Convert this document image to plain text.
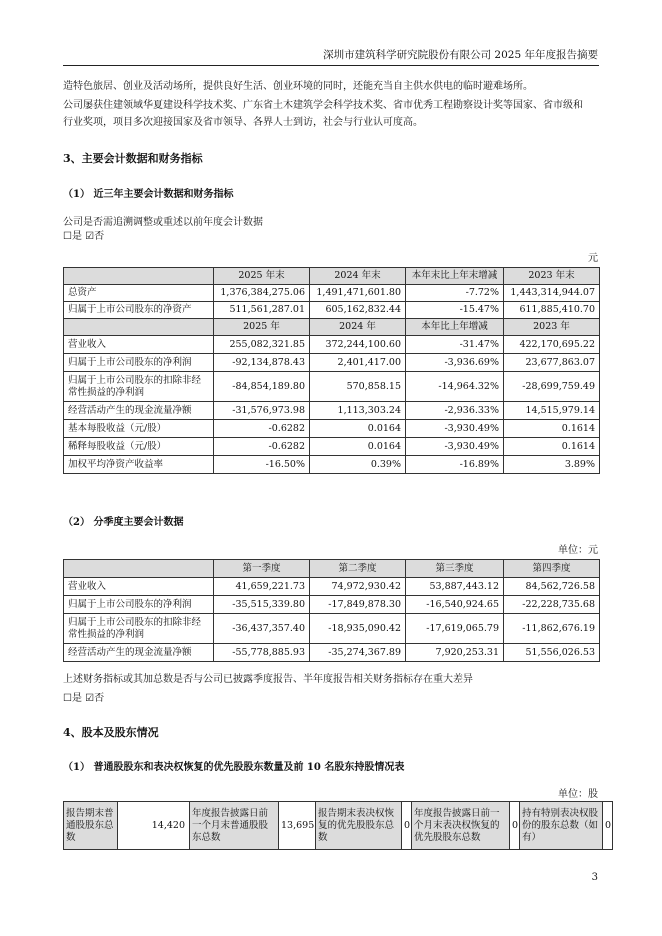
深圳市建筑科学研究院股份有限公司 2025 年年度报告摘要
造特色旅居、创业及活动场所，提供良好生活、创业环境的同时，还能充当自主供水供电的临时避难场所。
公司屡获住建领域华夏建设科学技术奖、广东省土木建筑学会科学技术奖、省市优秀工程勘察设计奖等国家、省市级和
行业奖项，项目多次迎接国家及省市领导、各界人士到访，社会与行业认可度高。
3、主要会计数据和财务指标
（1） 近三年主要会计数据和财务指标
公司是否需追溯调整或重述以前年度会计数据
☐是 ☑否
元
	2025 年末	2024 年末	本年末比上年末增减	2023 年末
总资产	1,376,384,275.06	1,491,471,601.80	-7.72%	1,443,314,944.07
归属于上市公司股东的净资产	511,561,287.01	605,162,832.44	-15.47%	611,885,410.70
	2025 年	2024 年	本年比上年增减	2023 年
营业收入	255,082,321.85	372,244,100.60	-31.47%	422,170,695.22
归属于上市公司股东的净利润	-92,134,878.43	2,401,417.00	-3,936.69%	23,677,863.07
归属于上市公司股东的扣除非经常性损益的净利润	-84,854,189.80	570,858.15	-14,964.32%	-28,699,759.49
经营活动产生的现金流量净额	-31,576,973.98	1,113,303.24	-2,936.33%	14,515,979.14
基本每股收益（元/股）	-0.6282	0.0164	-3,930.49%	0.1614
稀释每股收益（元/股）	-0.6282	0.0164	-3,930.49%	0.1614
加权平均净资产收益率	-16.50%	0.39%	-16.89%	3.89%
（2） 分季度主要会计数据
单位：元
	第一季度	第二季度	第三季度	第四季度
营业收入	41,659,221.73	74,972,930.42	53,887,443.12	84,562,726.58
归属于上市公司股东的净利润	-35,515,339.80	-17,849,878.30	-16,540,924.65	-22,228,735.68
归属于上市公司股东的扣除非经常性损益的净利润	-36,437,357.40	-18,935,090.42	-17,619,065.79	-11,862,676.19
经营活动产生的现金流量净额	-55,778,885.93	-35,274,367.89	7,920,253.31	51,556,026.53
上述财务指标或其加总数是否与公司已披露季度报告、半年度报告相关财务指标存在重大差异
☐是 ☑否
4、股本及股东情况
（1） 普通股股东和表决权恢复的优先股股东数量及前 10 名股东持股情况表
单位：股
报告期末普通股股东总数	14,420	年度报告披露日前一个月末普通股股东总数	13,695	报告期末表决权恢复的优先股股东总数	0	年度报告披露日前一个月末表决权恢复的优先股股东总数	0	持有特别表决权股份的股东总数（如有）	0
3
